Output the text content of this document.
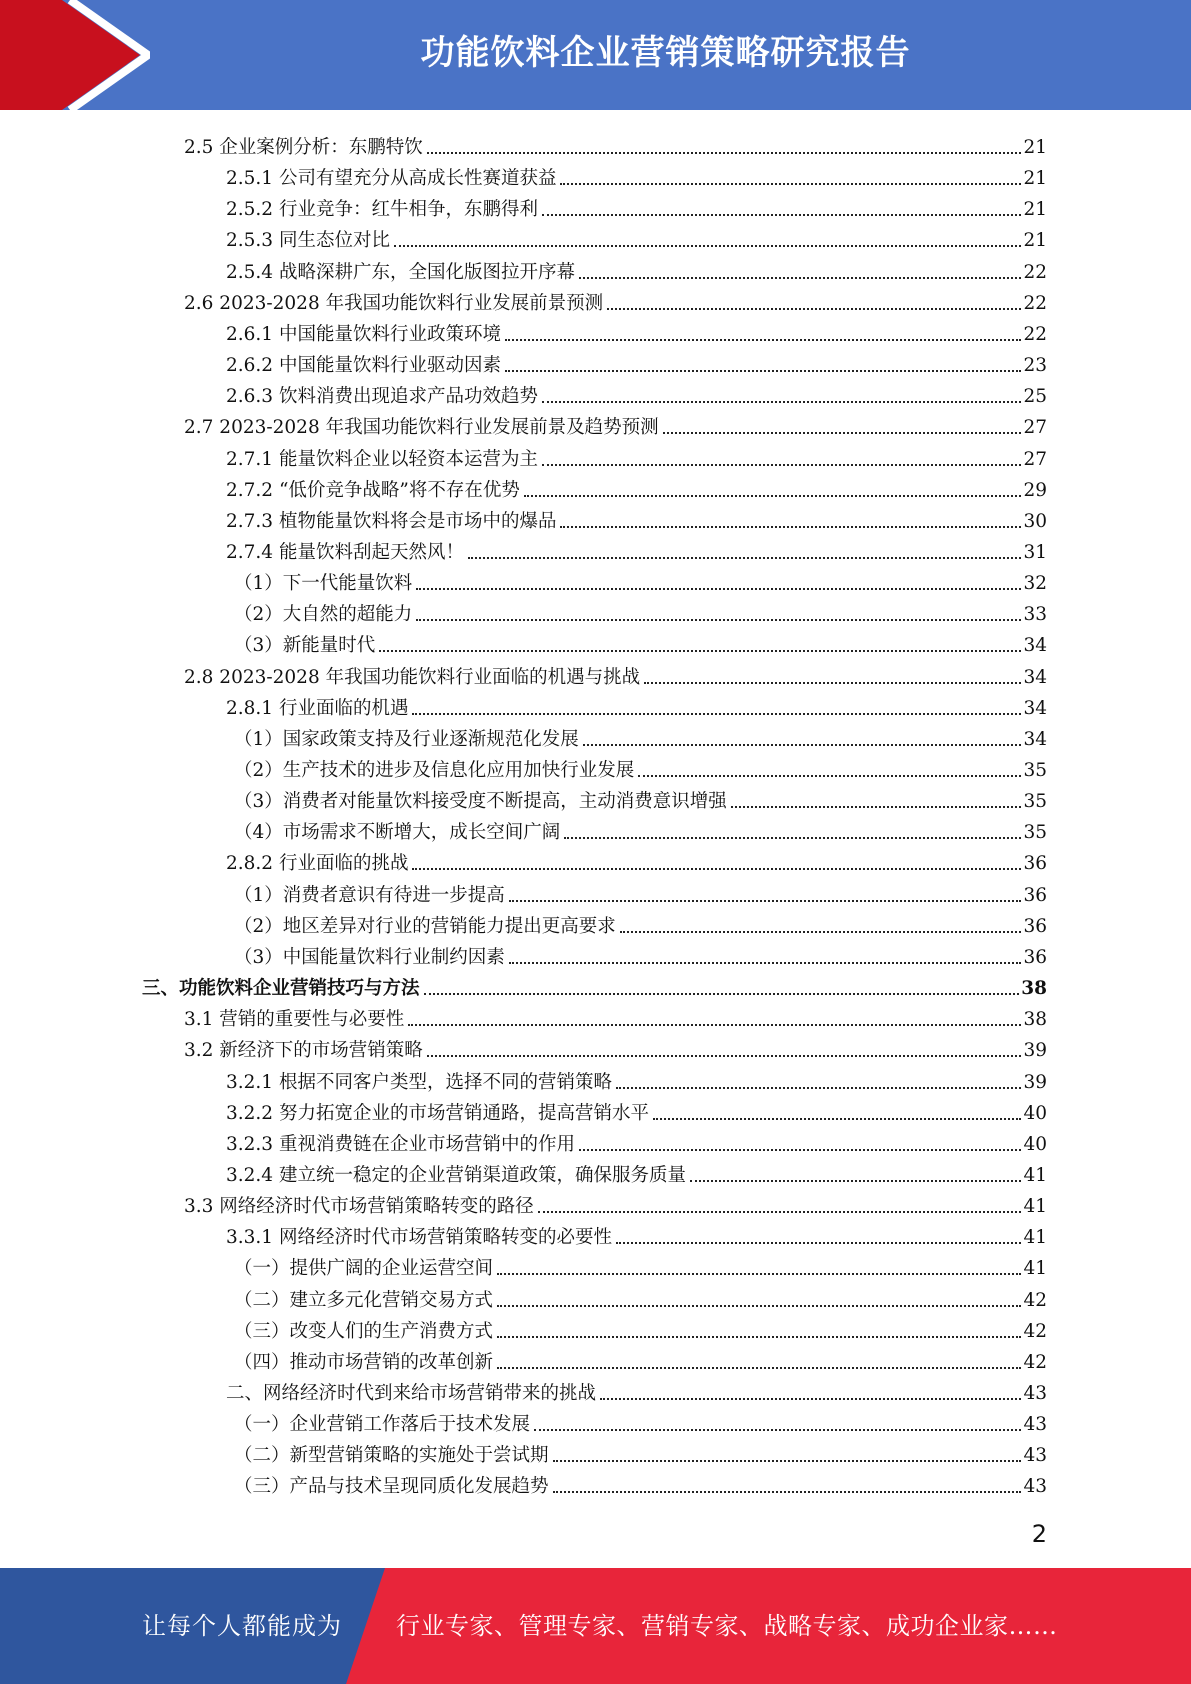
功能饮料企业营销策略研究报告
2.5 企业案例分析：东鹏特饮	21
2.5.1 公司有望充分从高成长性赛道获益	21
2.5.2 行业竞争：红牛相争，东鹏得利	21
2.5.3 同生态位对比	21
2.5.4 战略深耕广东，全国化版图拉开序幕	22
2.6 2023-2028 年我国功能饮料行业发展前景预测	22
2.6.1 中国能量饮料行业政策环境	22
2.6.2 中国能量饮料行业驱动因素	23
2.6.3 饮料消费出现追求产品功效趋势	25
2.7 2023-2028 年我国功能饮料行业发展前景及趋势预测	27
2.7.1 能量饮料企业以轻资本运营为主	27
2.7.2 “低价竞争战略”将不存在优势	29
2.7.3 植物能量饮料将会是市场中的爆品	30
2.7.4 能量饮料刮起天然风！	31
（1）下一代能量饮料	32
（2）大自然的超能力	33
（3）新能量时代	34
2.8 2023-2028 年我国功能饮料行业面临的机遇与挑战	34
2.8.1 行业面临的机遇	34
（1）国家政策支持及行业逐渐规范化发展	34
（2）生产技术的进步及信息化应用加快行业发展	35
（3）消费者对能量饮料接受度不断提高，主动消费意识增强	35
（4）市场需求不断增大，成长空间广阔	35
2.8.2 行业面临的挑战	36
（1）消费者意识有待进一步提高	36
（2）地区差异对行业的营销能力提出更高要求	36
（3）中国能量饮料行业制约因素	36
三、功能饮料企业营销技巧与方法	38
3.1 营销的重要性与必要性	38
3.2 新经济下的市场营销策略	39
3.2.1 根据不同客户类型，选择不同的营销策略	39
3.2.2 努力拓宽企业的市场营销通路，提高营销水平	40
3.2.3 重视消费链在企业市场营销中的作用	40
3.2.4 建立统一稳定的企业营销渠道政策，确保服务质量	41
3.3 网络经济时代市场营销策略转变的路径	41
3.3.1 网络经济时代市场营销策略转变的必要性	41
（一）提供广阔的企业运营空间	41
（二）建立多元化营销交易方式	42
（三）改变人们的生产消费方式	42
（四）推动市场营销的改革创新	42
二、网络经济时代到来给市场营销带来的挑战	43
（一）企业营销工作落后于技术发展	43
（二）新型营销策略的实施处于尝试期	43
（三）产品与技术呈现同质化发展趋势	43
2
让每个人都能成为 行业专家、管理专家、营销专家、战略专家、成功企业家……
